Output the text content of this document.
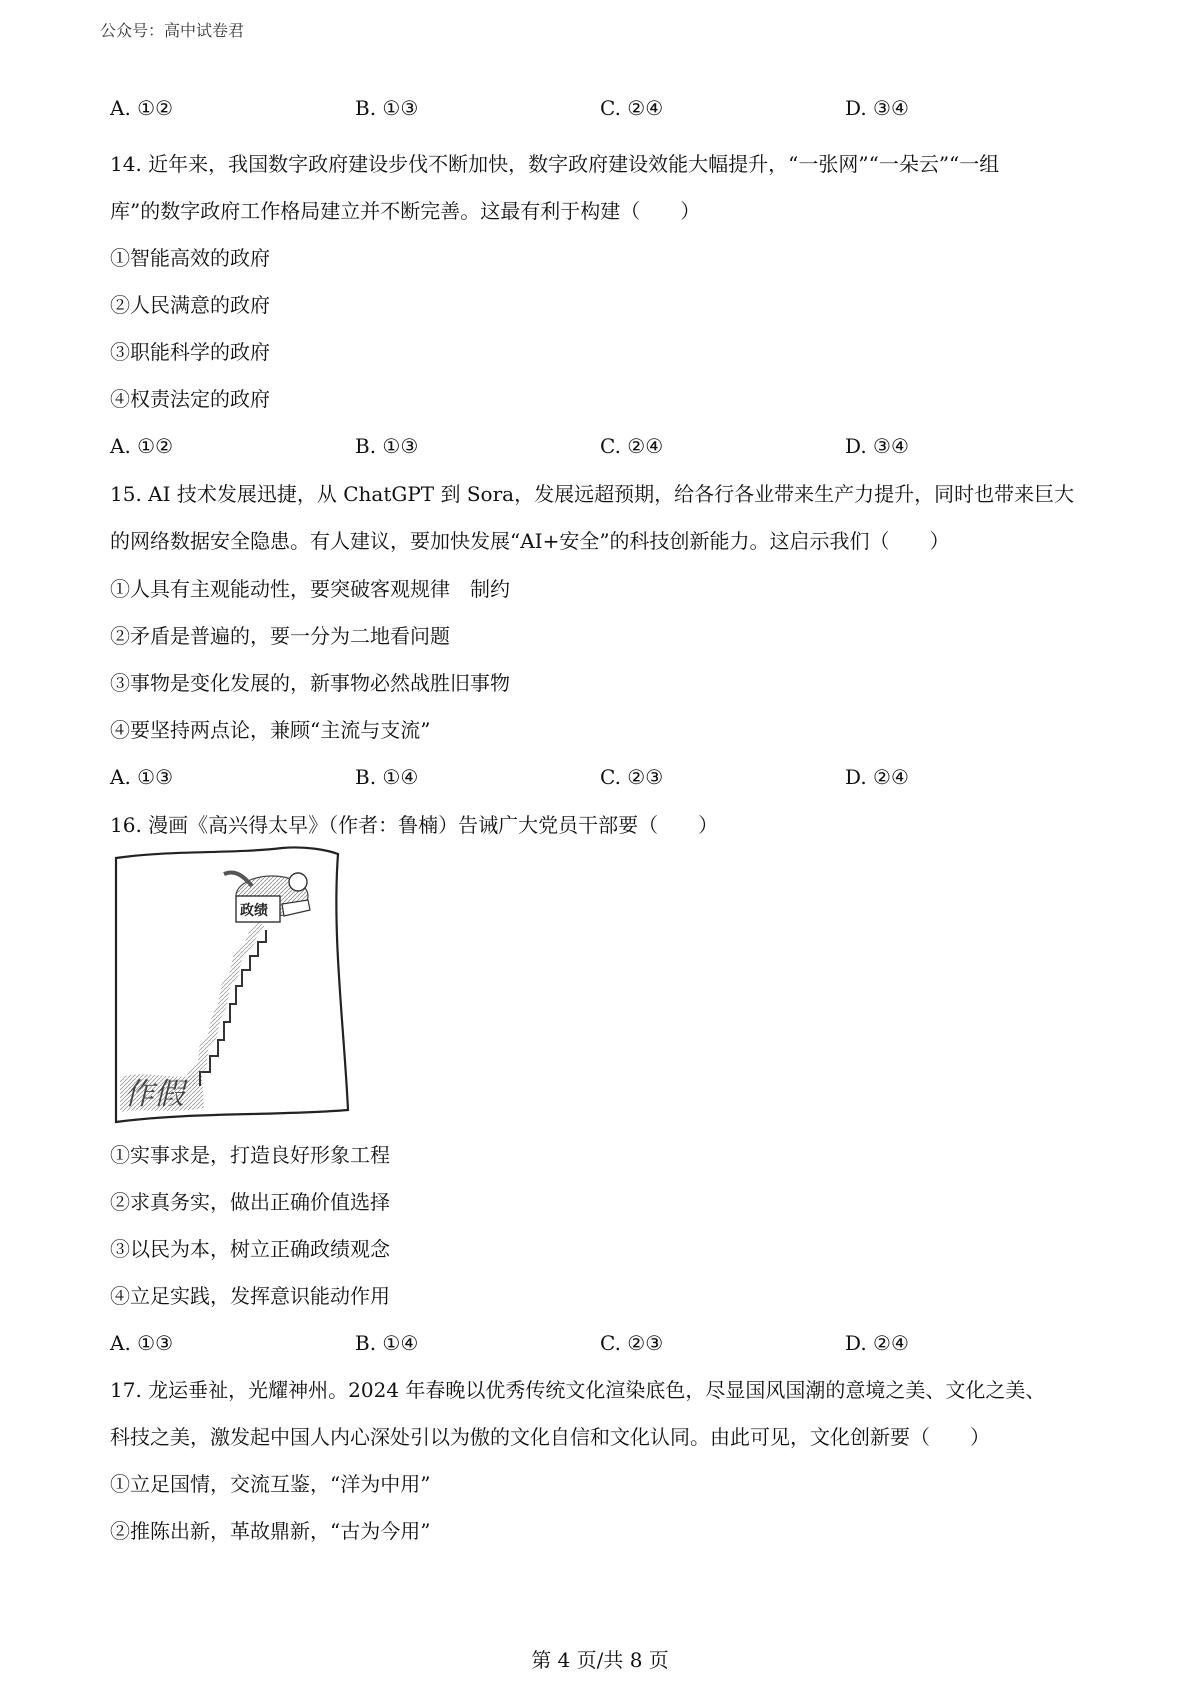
公众号：高中试卷君
A. ①②	B. ①③	C. ②④	D. ③④
14. 近年来，我国数字政府建设步伐不断加快，数字政府建设效能大幅提升，“一张网”“一朵云”“一组
库”的数字政府工作格局建立并不断完善。这最有利于构建（　　）
①智能高效的政府
②人民满意的政府
③职能科学的政府
④权责法定的政府
A. ①②	B. ①③	C. ②④	D. ③④
15. AI 技术发展迅捷，从 ChatGPT 到 Sora，发展远超预期，给各行各业带来生产力提升，同时也带来巨大
的网络数据安全隐患。有人建议，要加快发展“AI+安全”的科技创新能力。这启示我们（　　）
①人具有主观能动性，要突破客观规律　制约
②矛盾是普遍的，要一分为二地看问题
③事物是变化发展的，新事物必然战胜旧事物
④要坚持两点论，兼顾“主流与支流”
A. ①③	B. ①④	C. ②③	D. ②④
16. 漫画《高兴得太早》（作者：鲁楠）告诫广大党员干部要（　　）
作假
政绩
①实事求是，打造良好形象工程
②求真务实，做出正确价值选择
③以民为本，树立正确政绩观念
④立足实践，发挥意识能动作用
A. ①③	B. ①④	C. ②③	D. ②④
17. 龙运垂祉，光耀神州。2024 年春晚以优秀传统文化渲染底色，尽显国风国潮的意境之美、文化之美、
科技之美，激发起中国人内心深处引以为傲的文化自信和文化认同。由此可见，文化创新要（　　）
①立足国情，交流互鉴，“洋为中用”
②推陈出新，革故鼎新，“古为今用”
第 4 页/共 8 页
